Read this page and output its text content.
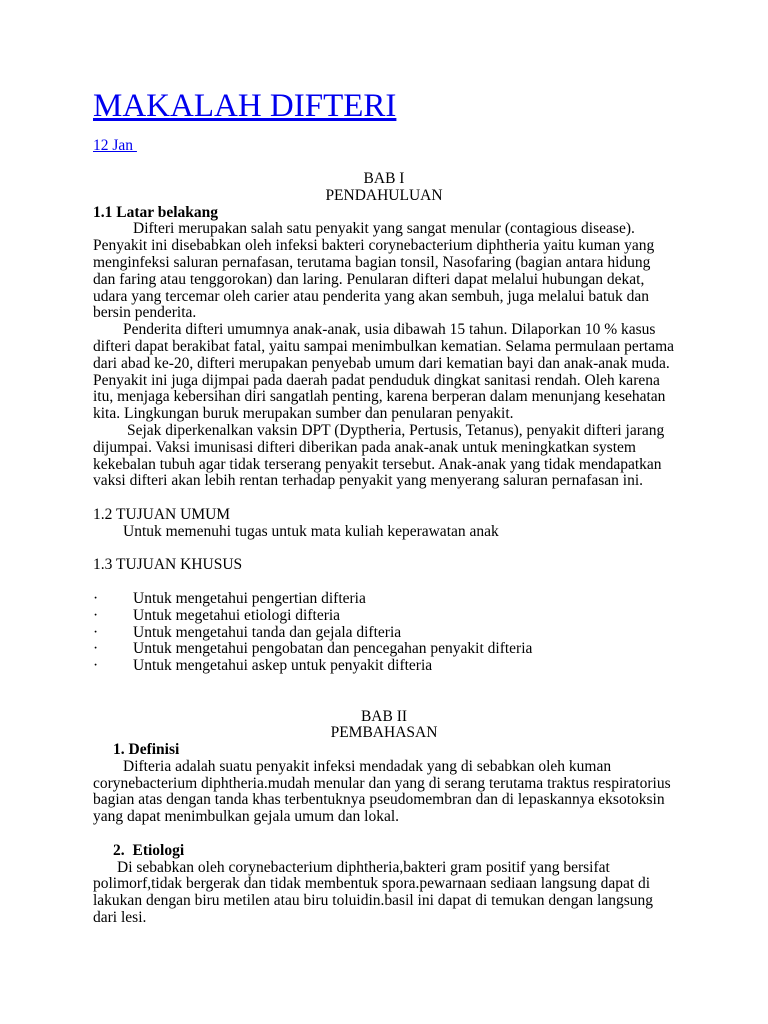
MAKALAH DIFTERI
12 Jan
BAB I
PENDAHULUAN
1.1 Latar belakang
Difteri merupakan salah satu penyakit yang sangat menular (contagious disease).
Penyakit ini disebabkan oleh infeksi bakteri corynebacterium diphtheria yaitu kuman yang
menginfeksi saluran pernafasan, terutama bagian tonsil, Nasofaring (bagian antara hidung
dan faring atau tenggorokan) dan laring. Penularan difteri dapat melalui hubungan dekat,
udara yang tercemar oleh carier atau penderita yang akan sembuh, juga melalui batuk dan
bersin penderita.
Penderita difteri umumnya anak-anak, usia dibawah 15 tahun. Dilaporkan 10 % kasus
difteri dapat berakibat fatal, yaitu sampai menimbulkan kematian. Selama permulaan pertama
dari abad ke-20, difteri merupakan penyebab umum dari kematian bayi dan anak-anak muda.
Penyakit ini juga dijmpai pada daerah padat penduduk dingkat sanitasi rendah. Oleh karena
itu, menjaga kebersihan diri sangatlah penting, karena berperan dalam menunjang kesehatan
kita. Lingkungan buruk merupakan sumber dan penularan penyakit.
Sejak diperkenalkan vaksin DPT (Dyptheria, Pertusis, Tetanus), penyakit difteri jarang
dijumpai. Vaksi imunisasi difteri diberikan pada anak-anak untuk meningkatkan system
kekebalan tubuh agar tidak terserang penyakit tersebut. Anak-anak yang tidak mendapatkan
vaksi difteri akan lebih rentan terhadap penyakit yang menyerang saluran pernafasan ini.
1.2 TUJUAN UMUM
Untuk memenuhi tugas untuk mata kuliah keperawatan anak
1.3 TUJUAN KHUSUS
·	Untuk mengetahui pengertian difteria
·	Untuk megetahui etiologi difteria
·	Untuk mengetahui tanda dan gejala difteria
·	Untuk mengetahui pengobatan dan pencegahan penyakit difteria
·	Untuk mengetahui askep untuk penyakit difteria
BAB II
PEMBAHASAN
1. Definisi
Difteria adalah suatu penyakit infeksi mendadak yang di sebabkan oleh kuman
corynebacterium diphtheria.mudah menular dan yang di serang terutama traktus respiratorius
bagian atas dengan tanda khas terbentuknya pseudomembran dan di lepaskannya eksotoksin
yang dapat menimbulkan gejala umum dan lokal.
2. Etiologi
Di sebabkan oleh corynebacterium diphtheria,bakteri gram positif yang bersifat
polimorf,tidak bergerak dan tidak membentuk spora.pewarnaan sediaan langsung dapat di
lakukan dengan biru metilen atau biru toluidin.basil ini dapat di temukan dengan langsung
dari lesi.
